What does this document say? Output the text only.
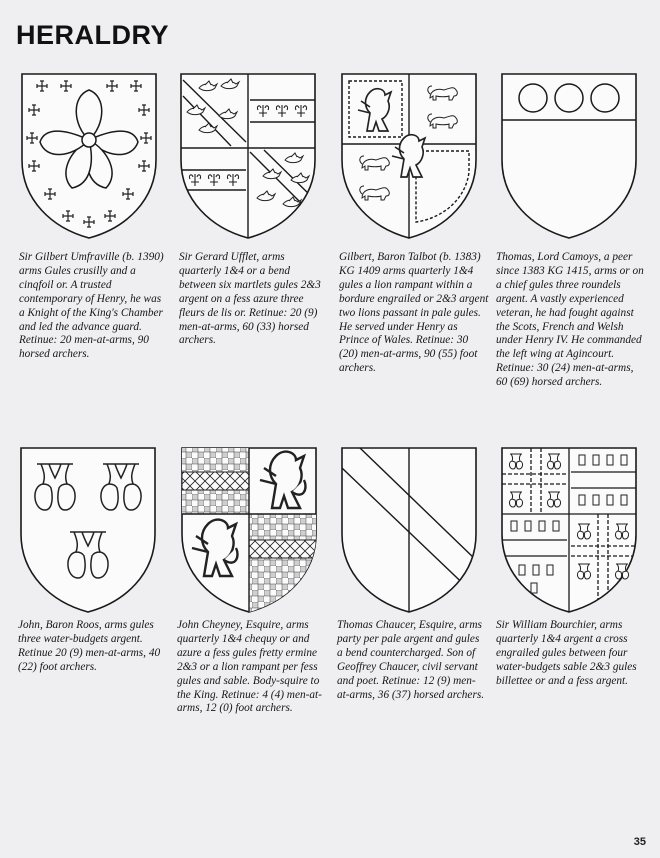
HERALDRY

Sir Gilbert Umfraville (b. 1390) arms Gules crusilly and a cinqfoil or. A trusted contemporary of Henry, he was a Knight of the King's Chamber and led the advance guard. Retinue: 20 men-at-arms, 90 horsed archers.

Sir Gerard Ufflet, arms quarterly 1&4 or a bend between six martlets gules 2&3 argent on a fess azure three fleurs de lis or. Retinue: 20 (9) men-at-arms, 60 (33) horsed archers.

Gilbert, Baron Talbot (b. 1383) KG 1409 arms quarterly 1&4 gules a lion rampant within a bordure engrailed or 2&3 argent two lions passant in pale gules. He served under Henry as Prince of Wales. Retinue: 30 (20) men-at-arms, 90 (55) foot archers.

Thomas, Lord Camoys, a peer since 1383 KG 1415, arms or on a chief gules three roundels argent. A vastly experienced veteran, he had fought against the Scots, French and Welsh under Henry IV. He commanded the left wing at Agincourt. Retinue: 30 (24) men-at-arms, 60 (69) horsed archers.

John, Baron Roos, arms gules three water-budgets argent. Retinue 20 (9) men-at-arms, 40 (22) foot archers.

John Cheyney, Esquire, arms quarterly 1&4 chequy or and azure a fess gules fretty ermine 2&3 or a lion rampant per fess gules and sable. Body-squire to the King. Retinue: 4 (4) men-at-arms, 12 (0) foot archers.

Thomas Chaucer, Esquire, arms party per pale argent and gules a bend countercharged. Son of Geoffrey Chaucer, civil servant and poet. Retinue: 12 (9) men-at-arms, 36 (37) horsed archers.

Sir William Bourchier, arms quarterly 1&4 argent a cross engrailed gules between four water-budgets sable 2&3 gules billettee or and a fess argent.

35
